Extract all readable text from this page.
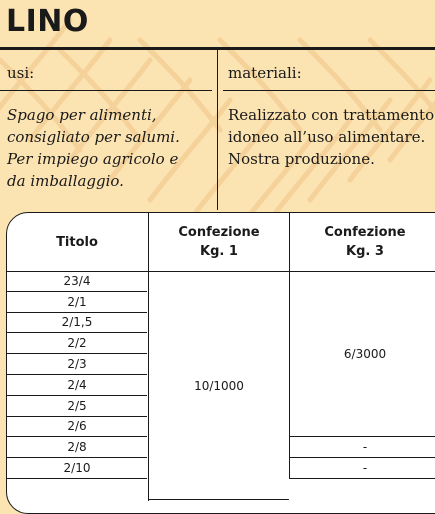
LINO

usi:	materiali:

Spago per alimenti,
consigliato per salumi.
Per impiego agricolo e
da imballaggio.
Realizzato con trattamento
idoneo all’uso alimentare.
Nostra produzione.
Titolo
Confezione
Kg. 1
Confezione
Kg. 3
23/4
2/1
2/1,5
2/2
2/3
2/4
2/5
2/6
2/8
2/10
10/1000
6/3000
-
-
